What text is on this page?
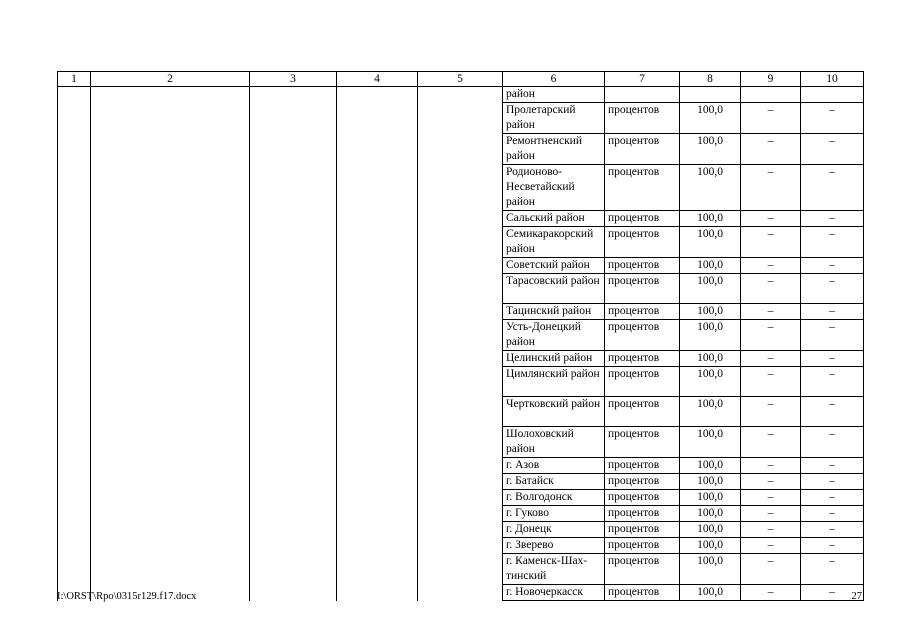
1	2	3	4	5	6	7	8	9	10
					район				
					Пролетарский район	процентов	100,0	–	–
					Ремонтненский район	процентов	100,0	–	–
					Родионово-Несветайский район	процентов	100,0	–	–
					Сальский район	процентов	100,0	–	–
					Семикаракорский район	процентов	100,0	–	–
					Советский район	процентов	100,0	–	–
					Тарасовский район	процентов	100,0	–	–
					Тацинский район	процентов	100,0	–	–
					Усть-Донецкий район	процентов	100,0	–	–
					Целинский район	процентов	100,0	–	–
					Цимлянский район	процентов	100,0	–	–
					Чертковский район	процентов	100,0	–	–
					Шолоховский район	процентов	100,0	–	–
					г. Азов	процентов	100,0	–	–
					г. Батайск	процентов	100,0	–	–
					г. Волгодонск	процентов	100,0	–	–
					г. Гуково	процентов	100,0	–	–
					г. Донецк	процентов	100,0	–	–
					г. Зверево	процентов	100,0	–	–
					г. Каменск-Шах-тинский	процентов	100,0	–	–
					г. Новочеркасск	процентов	100,0	–	–
I:\ORST\Rpo\0315r129.f17.docx	27
